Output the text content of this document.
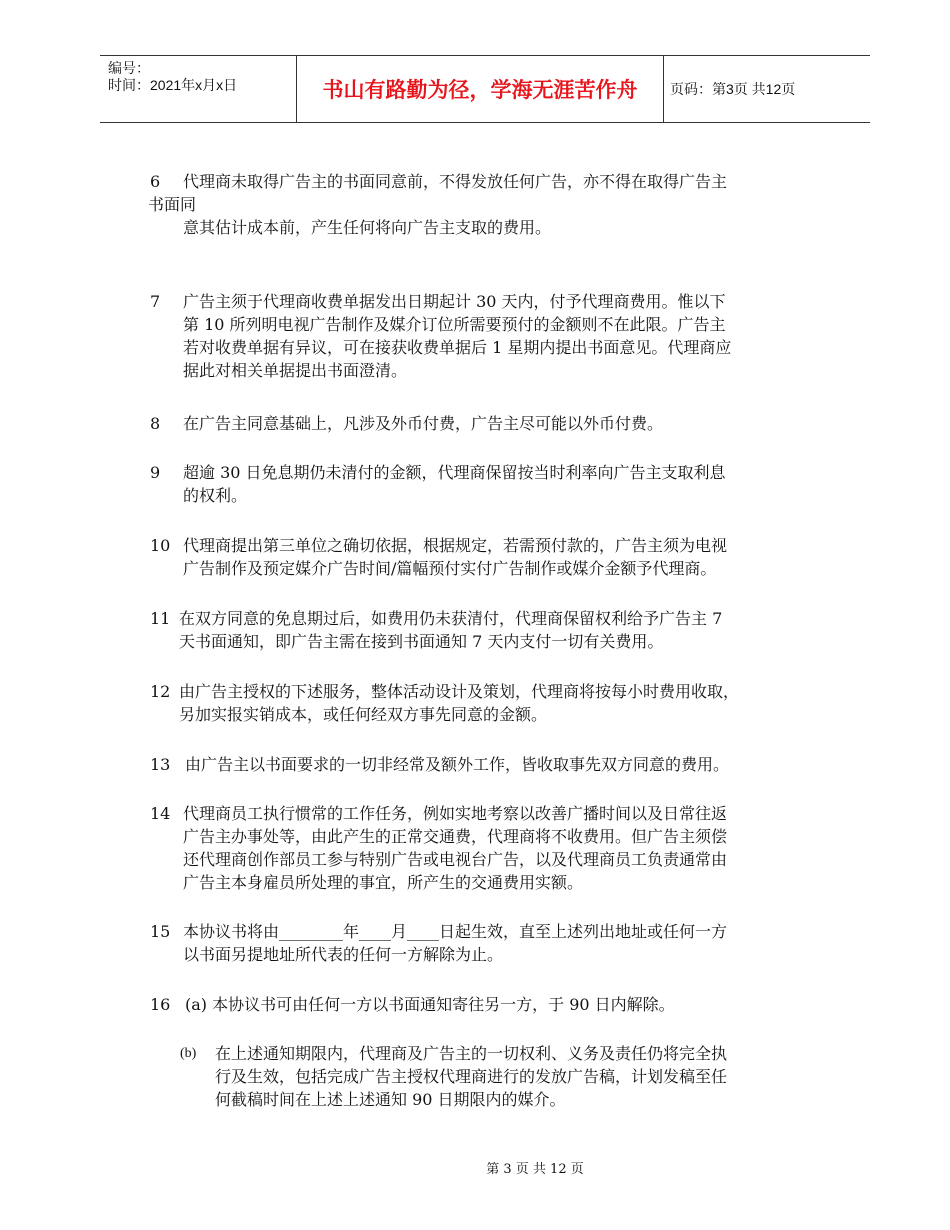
编号：
时间：2021年x月x日	书山有路勤为径，学海无涯苦作舟	页码：第3页 共12页
6 代理商未取得广告主的书面同意前，不得发放任何广告，亦不得在取得广告主
书面同
意其估计成本前，产生任何将向广告主支取的费用。
7 广告主须于代理商收费单据发出日期起计 30 天内，付予代理商费用。惟以下
第 10 所列明电视广告制作及媒介订位所需要预付的金额则不在此限。广告主
若对收费单据有异议，可在接获收费单据后 1 星期内提出书面意见。代理商应
据此对相关单据提出书面澄清。
8 在广告主同意基础上，凡涉及外币付费，广告主尽可能以外币付费。
9 超逾 30 日免息期仍未清付的金额，代理商保留按当时利率向广告主支取利息
的权利。
10 代理商提出第三单位之确切依据，根据规定，若需预付款的，广告主须为电视
广告制作及预定媒介广告时间/篇幅预付实付广告制作或媒介金额予代理商。
11 在双方同意的免息期过后，如费用仍未获清付，代理商保留权利给予广告主 7
天书面通知，即广告主需在接到书面通知 7 天内支付一切有关费用。
12 由广告主授权的下述服务，整体活动设计及策划，代理商将按每小时费用收取，
另加实报实销成本，或任何经双方事先同意的金额。
13 由广告主以书面要求的一切非经常及额外工作，皆收取事先双方同意的费用。
14 代理商员工执行惯常的工作任务，例如实地考察以改善广播时间以及日常往返
广告主办事处等，由此产生的正常交通费，代理商将不收费用。但广告主须偿
还代理商创作部员工参与特别广告或电视台广告，以及代理商员工负责通常由
广告主本身雇员所处理的事宜，所产生的交通费用实额。
15 本协议书将由________年____月____日起生效，直至上述列出地址或任何一方
以书面另提地址所代表的任何一方解除为止。
16 (a) 本协议书可由任何一方以书面通知寄往另一方，于 90 日内解除。
(b) 在上述通知期限内，代理商及广告主的一切权利、义务及责任仍将完全执
行及生效，包括完成广告主授权代理商进行的发放广告稿，计划发稿至任
何截稿时间在上述上述通知 90 日期限内的媒介。
第 3 页 共 12 页
